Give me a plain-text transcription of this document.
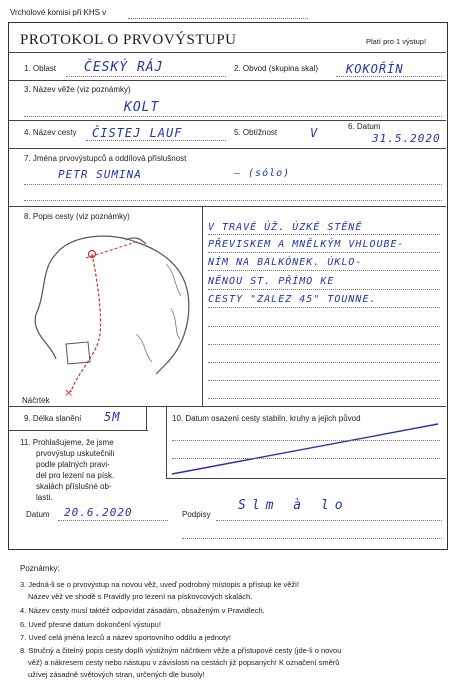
Vrcholové komisi při KHS v
PROTOKOL O PRVOVÝSTUPU	Platí pro 1 výstup!
1. Oblast ČESKÝ RÁJ	2. Obvod (skupina skal) KOKOŘÍN
3. Název věže (viz poznámky)
KOLT
4. Název cesty ČISTEJ LAUF	5. Obtížnost	V	6. Datum
31.5.2020
7. Jména prvovýstupců a oddílová příslušnost
PETR SUMINA	— (sólo)
8. Popis cesty (viz poznámky)
×
Náčrtek
V TRAVÉ ÚŽ. ÚZKÉ STĚNĚ
PŘEVISKEM A MNĚLKÝM VHLOUBE-
NÍM NA BALKÓNEK. ÚKLO-
NĚNOU ST. PŘÍMO KE
CESTY "ZALEZ 45" TOUNNE.
9. Délka slanění 5M	10. Datum osazení cesty stabiln. kruhy a jejich původ
11. Prohlašujeme, že jsme
prvovýstup uskutečnili
podle platných pravi-
del pro lezení na písk.
skalách příslušné ob-
lasti.
Datum 20.6.2020	Podpisy
Slm à lo
Poznámky:
3. Jedná-li se o prvovýstup na novou věž, uveď podrobný místopis a přístup ke věži!
Název věž ve shodě s Pravidly pro lezení na pískovcových skalách.
4. Název cesty musí taktéž odpovídat zásadám, obsaženým v Pravidlech.
6. Uveď přesné datum dokončení výstupu!
7. Uveď celá jména lezců a název sportovního oddílu a jednoty!
8. Stručný a čitelný popis cesty doplň výstižným náčrtkem věže a přístupové cesty (jde-li o novou
věž) a nákresem cesty nebo nástupu v závislosti na cestách již popsaných! K označení směrů
užívej zásadně světových stran, určených dle busoly!
